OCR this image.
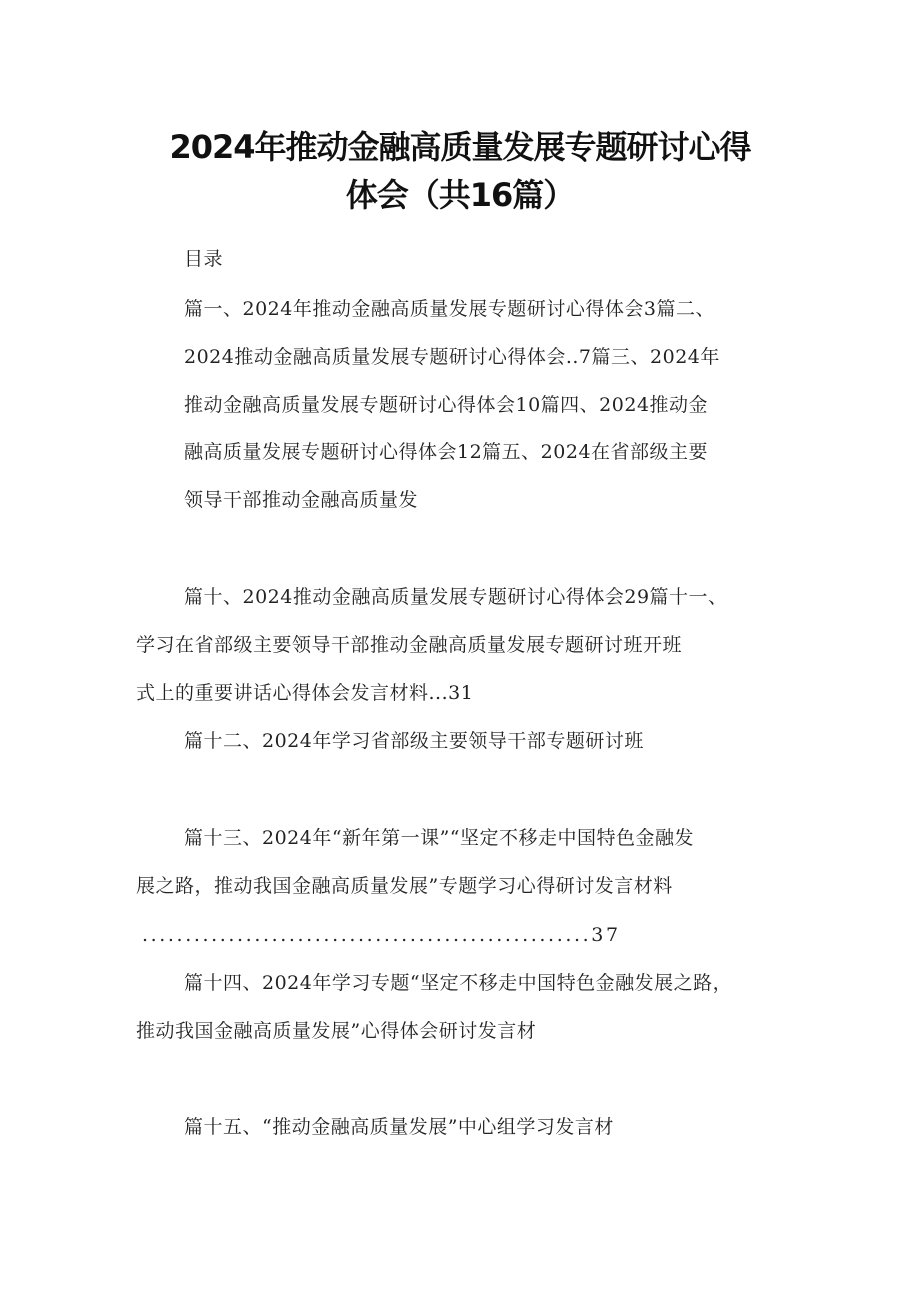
2024年推动金融高质量发展专题研讨心得
体会（共16篇）
目录
篇一、2024年推动金融高质量发展专题研讨心得体会3篇二、
2024推动金融高质量发展专题研讨心得体会..7篇三、2024年
推动金融高质量发展专题研讨心得体会10篇四、2024推动金
融高质量发展专题研讨心得体会12篇五、2024在省部级主要
领导干部推动金融高质量发
篇十、2024推动金融高质量发展专题研讨心得体会29篇十一、
学习在省部级主要领导干部推动金融高质量发展专题研讨班开班
式上的重要讲话心得体会发言材料...31
篇十二、2024年学习省部级主要领导干部专题研讨班
篇十三、2024年“新年第一课”“坚定不移走中国特色金融发
展之路，推动我国金融高质量发展”专题学习心得研讨发言材料
....................................................37
篇十四、2024年学习专题“坚定不移走中国特色金融发展之路，
推动我国金融高质量发展”心得体会研讨发言材
篇十五、“推动金融高质量发展”中心组学习发言材
